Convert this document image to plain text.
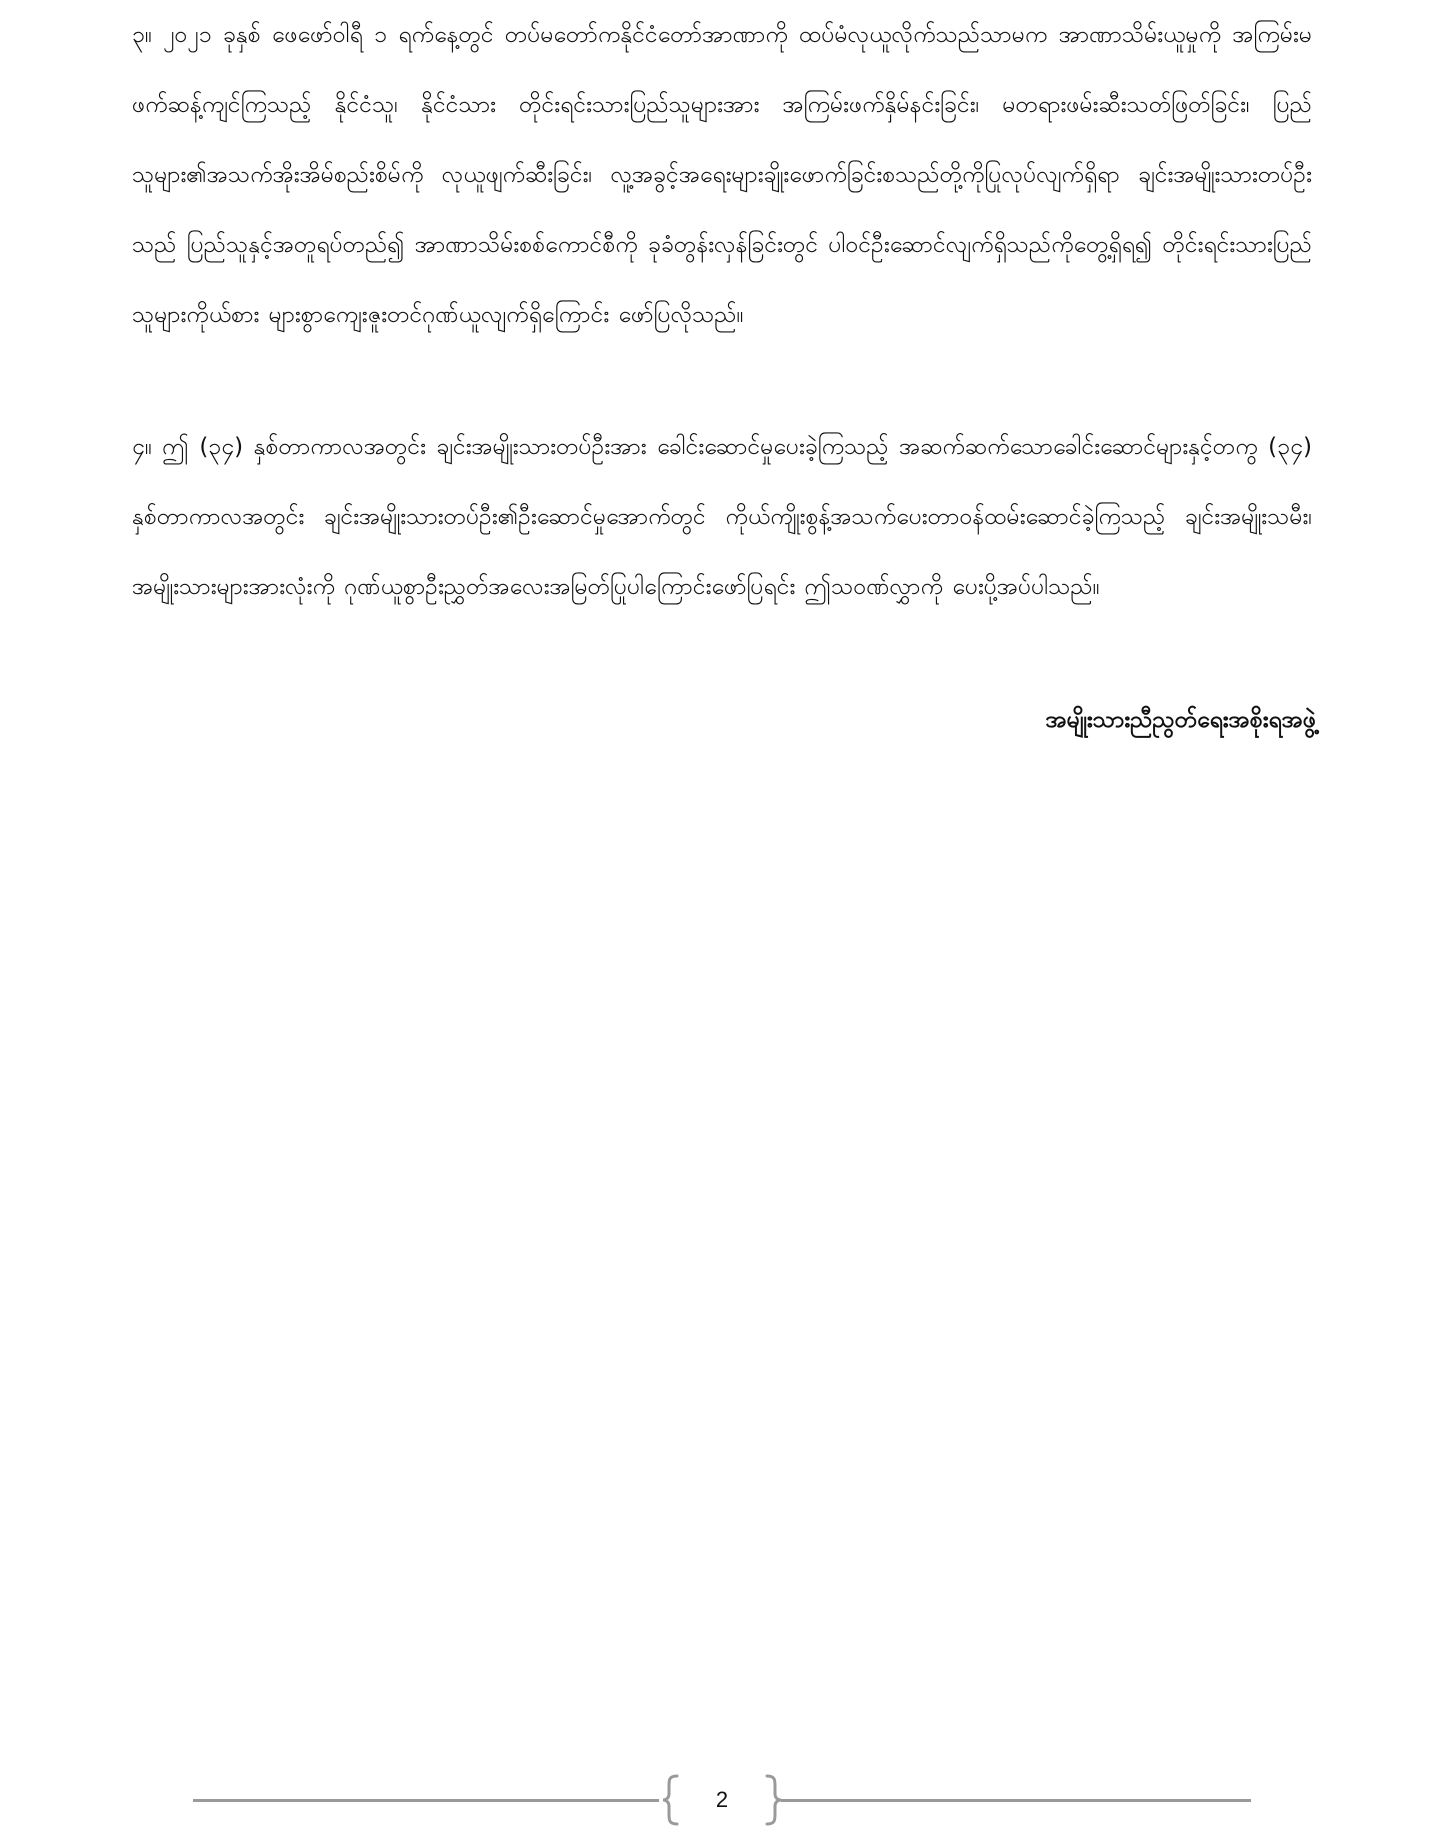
၃။ ၂၀၂၁ ခုနှစ် ဖေဖော်ဝါရီ ၁ ရက်နေ့တွင် တပ်မတော်ကနိုင်ငံတော်အာဏာကို ထပ်မံလုယူလိုက်သည်သာမက အာဏာသိမ်းယူမှုကို အကြမ်းမဖက်ဆန့်ကျင်ကြသည့် နိုင်ငံသူ၊ နိုင်ငံသား တိုင်းရင်းသားပြည်သူများအား အကြမ်းဖက်နှိမ်နင်းခြင်း၊ မတရားဖမ်းဆီးသတ်ဖြတ်ခြင်း၊ ပြည်သူများ၏အသက်အိုးအိမ်စည်းစိမ်ကို လုယူဖျက်ဆီးခြင်း၊ လူ့အခွင့်အရေးများချိုးဖောက်ခြင်းစသည်တို့ကိုပြုလုပ်လျက်ရှိရာ ချင်းအမျိုးသားတပ်ဦးသည် ပြည်သူနှင့်အတူရပ်တည်၍ အာဏာသိမ်းစစ်ကောင်စီကို ခုခံတွန်းလှန်ခြင်းတွင် ပါဝင်ဦးဆောင်လျက်ရှိသည်ကိုတွေ့ရှိရ၍ တိုင်းရင်းသားပြည်သူများကိုယ်စား များစွာကျေးဇူးတင်ဂုဏ်ယူလျက်ရှိကြောင်း ဖော်ပြလိုသည်။

၄။ ဤ (၃၄) နှစ်တာကာလအတွင်း ချင်းအမျိုးသားတပ်ဦးအား ခေါင်းဆောင်မှုပေးခဲ့ကြသည့် အဆက်ဆက်သောခေါင်းဆောင်များနှင့်တကွ (၃၄) နှစ်တာကာလအတွင်း ချင်းအမျိုးသားတပ်ဦး၏ဦးဆောင်မှုအောက်တွင် ကိုယ်ကျိုးစွန့်အသက်ပေးတာဝန်ထမ်းဆောင်ခဲ့ကြသည့် ချင်းအမျိုးသမီး၊ အမျိုးသားများအားလုံးကို ဂုဏ်ယူစွာဦးညွှတ်အလေးအမြတ်ပြုပါကြောင်းဖော်ပြရင်း ဤသဝဏ်လွှာကို ပေးပို့အပ်ပါသည်။

အမျိုးသားညီညွတ်ရေးအစိုးရအဖွဲ့
2
